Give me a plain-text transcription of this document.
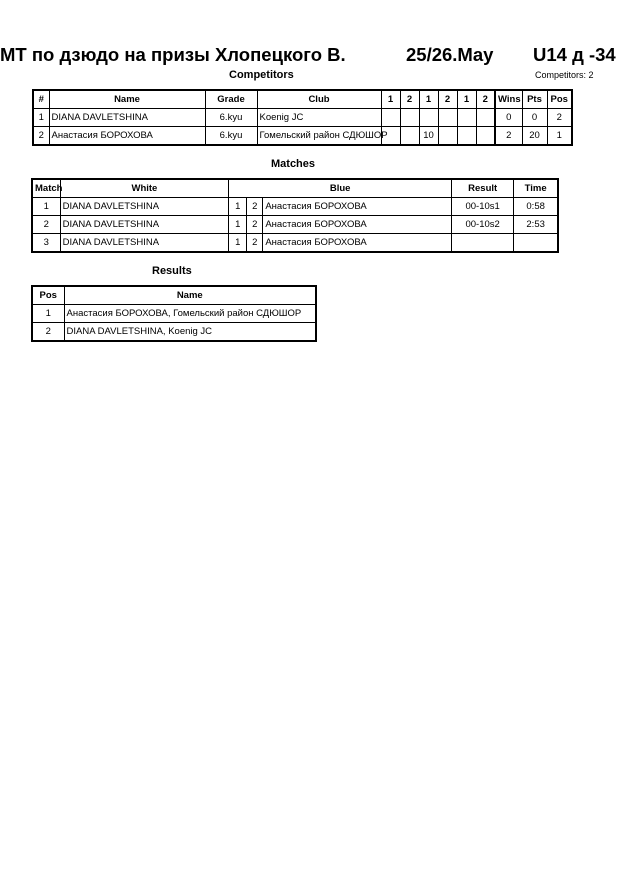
МТ по дзюдо на призы Хлопецкого В.	25/26.May U14 д -34
Competitors	Competitors: 2
#	Name	Grade	Club	1	2	1	2	1	2	Wins	Pts	Pos
1	DIANA DAVLETSHINA	6.kyu	Koenig JC							0	0	2
2	Анастасия БОРОХОВА	6.kyu	Гомельский район СДЮШОР			10				2	20	1
Matches
Match	White	Blue			Result	Time
1	DIANA DAVLETSHINA	1	2	Анастасия БОРОХОВА	00-10s1	0:58
2	DIANA DAVLETSHINA	1	2	Анастасия БОРОХОВА	00-10s2	2:53
3	DIANA DAVLETSHINA	1	2	Анастасия БОРОХОВА		
Results
Pos	Name
1	Анастасия БОРОХОВА, Гомельский район СДЮШОР
2	DIANA DAVLETSHINA, Koenig JC
